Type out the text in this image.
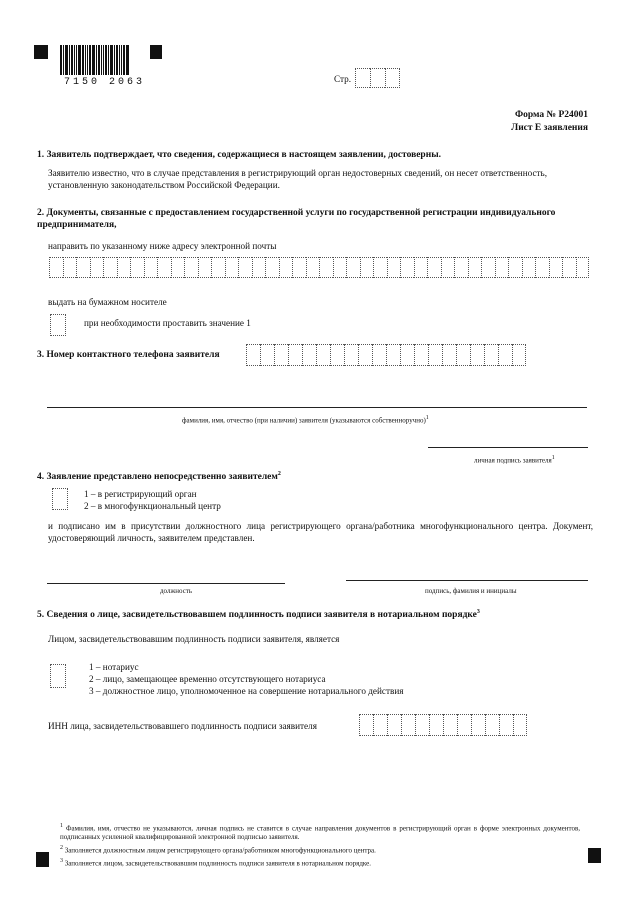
7150 2063	Стр.
Форма № Р24001
Лист Е заявления
1. Заявитель подтверждает, что сведения, содержащиеся в настоящем заявлении, достоверны.
Заявителю известно, что в случае представления в регистрирующий орган недостоверных сведений, он несет ответственность, установленную законодательством Российской Федерации.
2. Документы, связанные с предоставлением государственной услуги по государственной регистрации индивидуального предпринимателя,
направить по указанному ниже адресу электронной почты
выдать на бумажном носителе
при необходимости проставить значение 1
3. Номер контактного телефона заявителя
фамилия, имя, отчество (при наличии) заявителя (указываются собственноручно)$^1$
личная подпись заявителя$^1$
4. Заявление представлено непосредственно заявителем$^2$
1 – в регистрирующий орган
2 – в многофункциональный центр
и подписано им в присутствии должностного лица регистрирующего органа/работника многофункционального центра. Документ, удостоверяющий личность, заявителем представлен.
должность	подпись, фамилия и инициалы
5. Сведения о лице, засвидетельствовавшем подлинность подписи заявителя в нотариальном порядке$^3$
Лицом, засвидетельствовавшим подлинность подписи заявителя, является
1 – нотариус
2 – лицо, замещающее временно отсутствующего нотариуса
3 – должностное лицо, уполномоченное на совершение нотариального действия
ИНН лица, засвидетельствовавшего подлинность подписи заявителя
$^1$ Фамилия, имя, отчество не указываются, личная подпись не ставится в случае направления документов в регистрирующий орган в форме электронных документов, подписанных усиленной квалифицированной электронной подписью заявителя.
$^2$ Заполняется должностным лицом регистрирующего органа/работником многофункционального центра.
$^3$ Заполняется лицом, засвидетельствовавшим подлинность подписи заявителя в нотариальном порядке.
